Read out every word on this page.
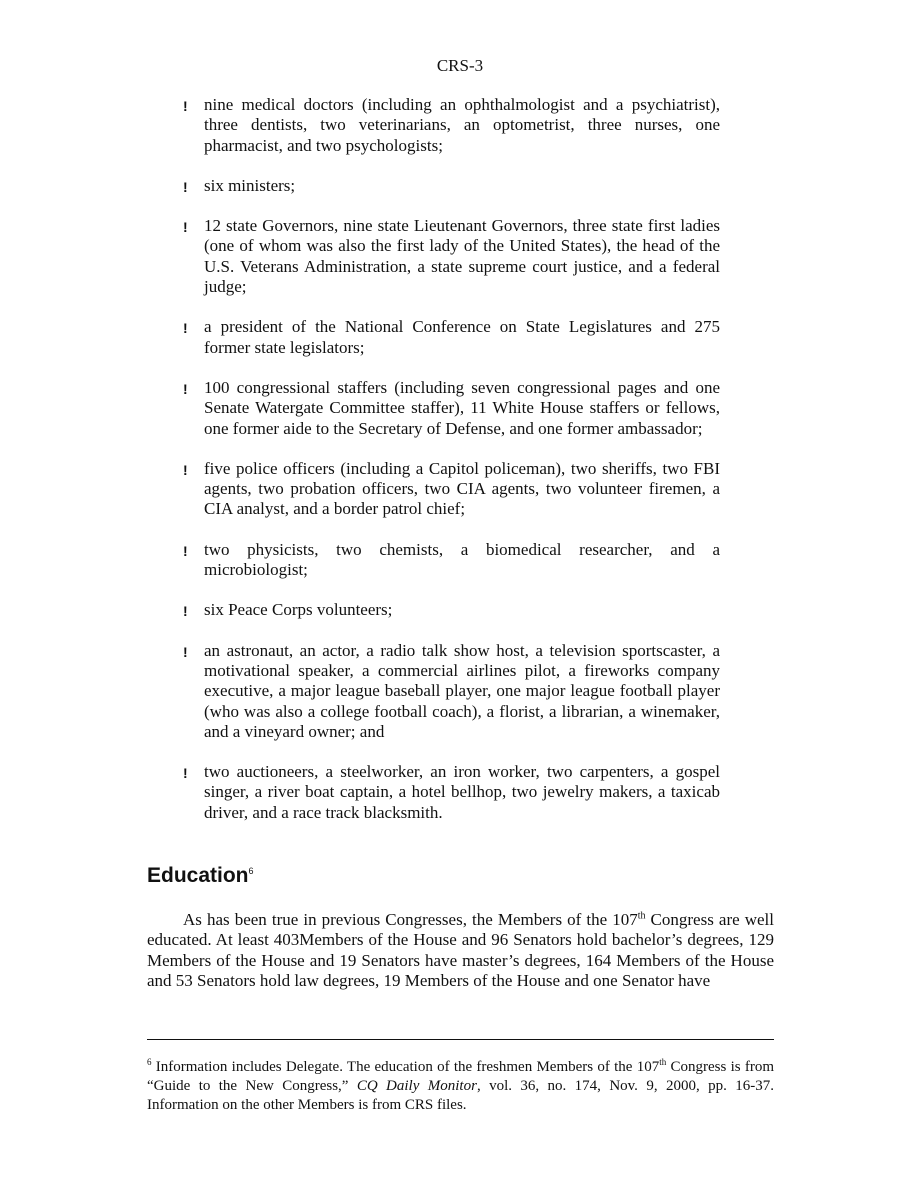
CRS-3
! nine medical doctors (including an ophthalmologist and a psychiatrist), three dentists, two veterinarians, an optometrist, three nurses, one pharmacist, and two psychologists;
! six ministers;
! 12 state Governors, nine state Lieutenant Governors, three state first ladies (one of whom was also the first lady of the United States), the head of the U.S. Veterans Administration, a state supreme court justice, and a federal judge;
! a president of the National Conference on State Legislatures and 275 former state legislators;
! 100 congressional staffers (including seven congressional pages and one Senate Watergate Committee staffer), 11 White House staffers or fellows, one former aide to the Secretary of Defense, and one former ambassador;
! five police officers (including a Capitol policeman), two sheriffs, two FBI agents, two probation officers, two CIA agents, two volunteer firemen, a CIA analyst, and a border patrol chief;
! two physicists, two chemists, a biomedical researcher, and a microbiologist;
! six Peace Corps volunteers;
! an astronaut, an actor, a radio talk show host, a television sportscaster, a motivational speaker, a commercial airlines pilot, a fireworks company executive, a major league baseball player, one major league football player (who was also a college football coach), a florist, a librarian, a winemaker, and a vineyard owner; and
! two auctioneers, a steelworker, an iron worker, two carpenters, a gospel singer, a river boat captain, a hotel bellhop, two jewelry makers, a taxicab driver, and a race track blacksmith.
Education$^6$

As has been true in previous Congresses, the Members of the 107th Congress are well educated. At least 403Members of the House and 96 Senators hold bachelor’s degrees, 129 Members of the House and 19 Senators have master’s degrees, 164 Members of the House and 53 Senators hold law degrees, 19 Members of the House and one Senator have

$^6$ Information includes Delegate. The education of the freshmen Members of the 107th Congress is from “Guide to the New Congress,” CQ Daily Monitor, vol. 36, no. 174, Nov. 9, 2000, pp. 16-37. Information on the other Members is from CRS files.
